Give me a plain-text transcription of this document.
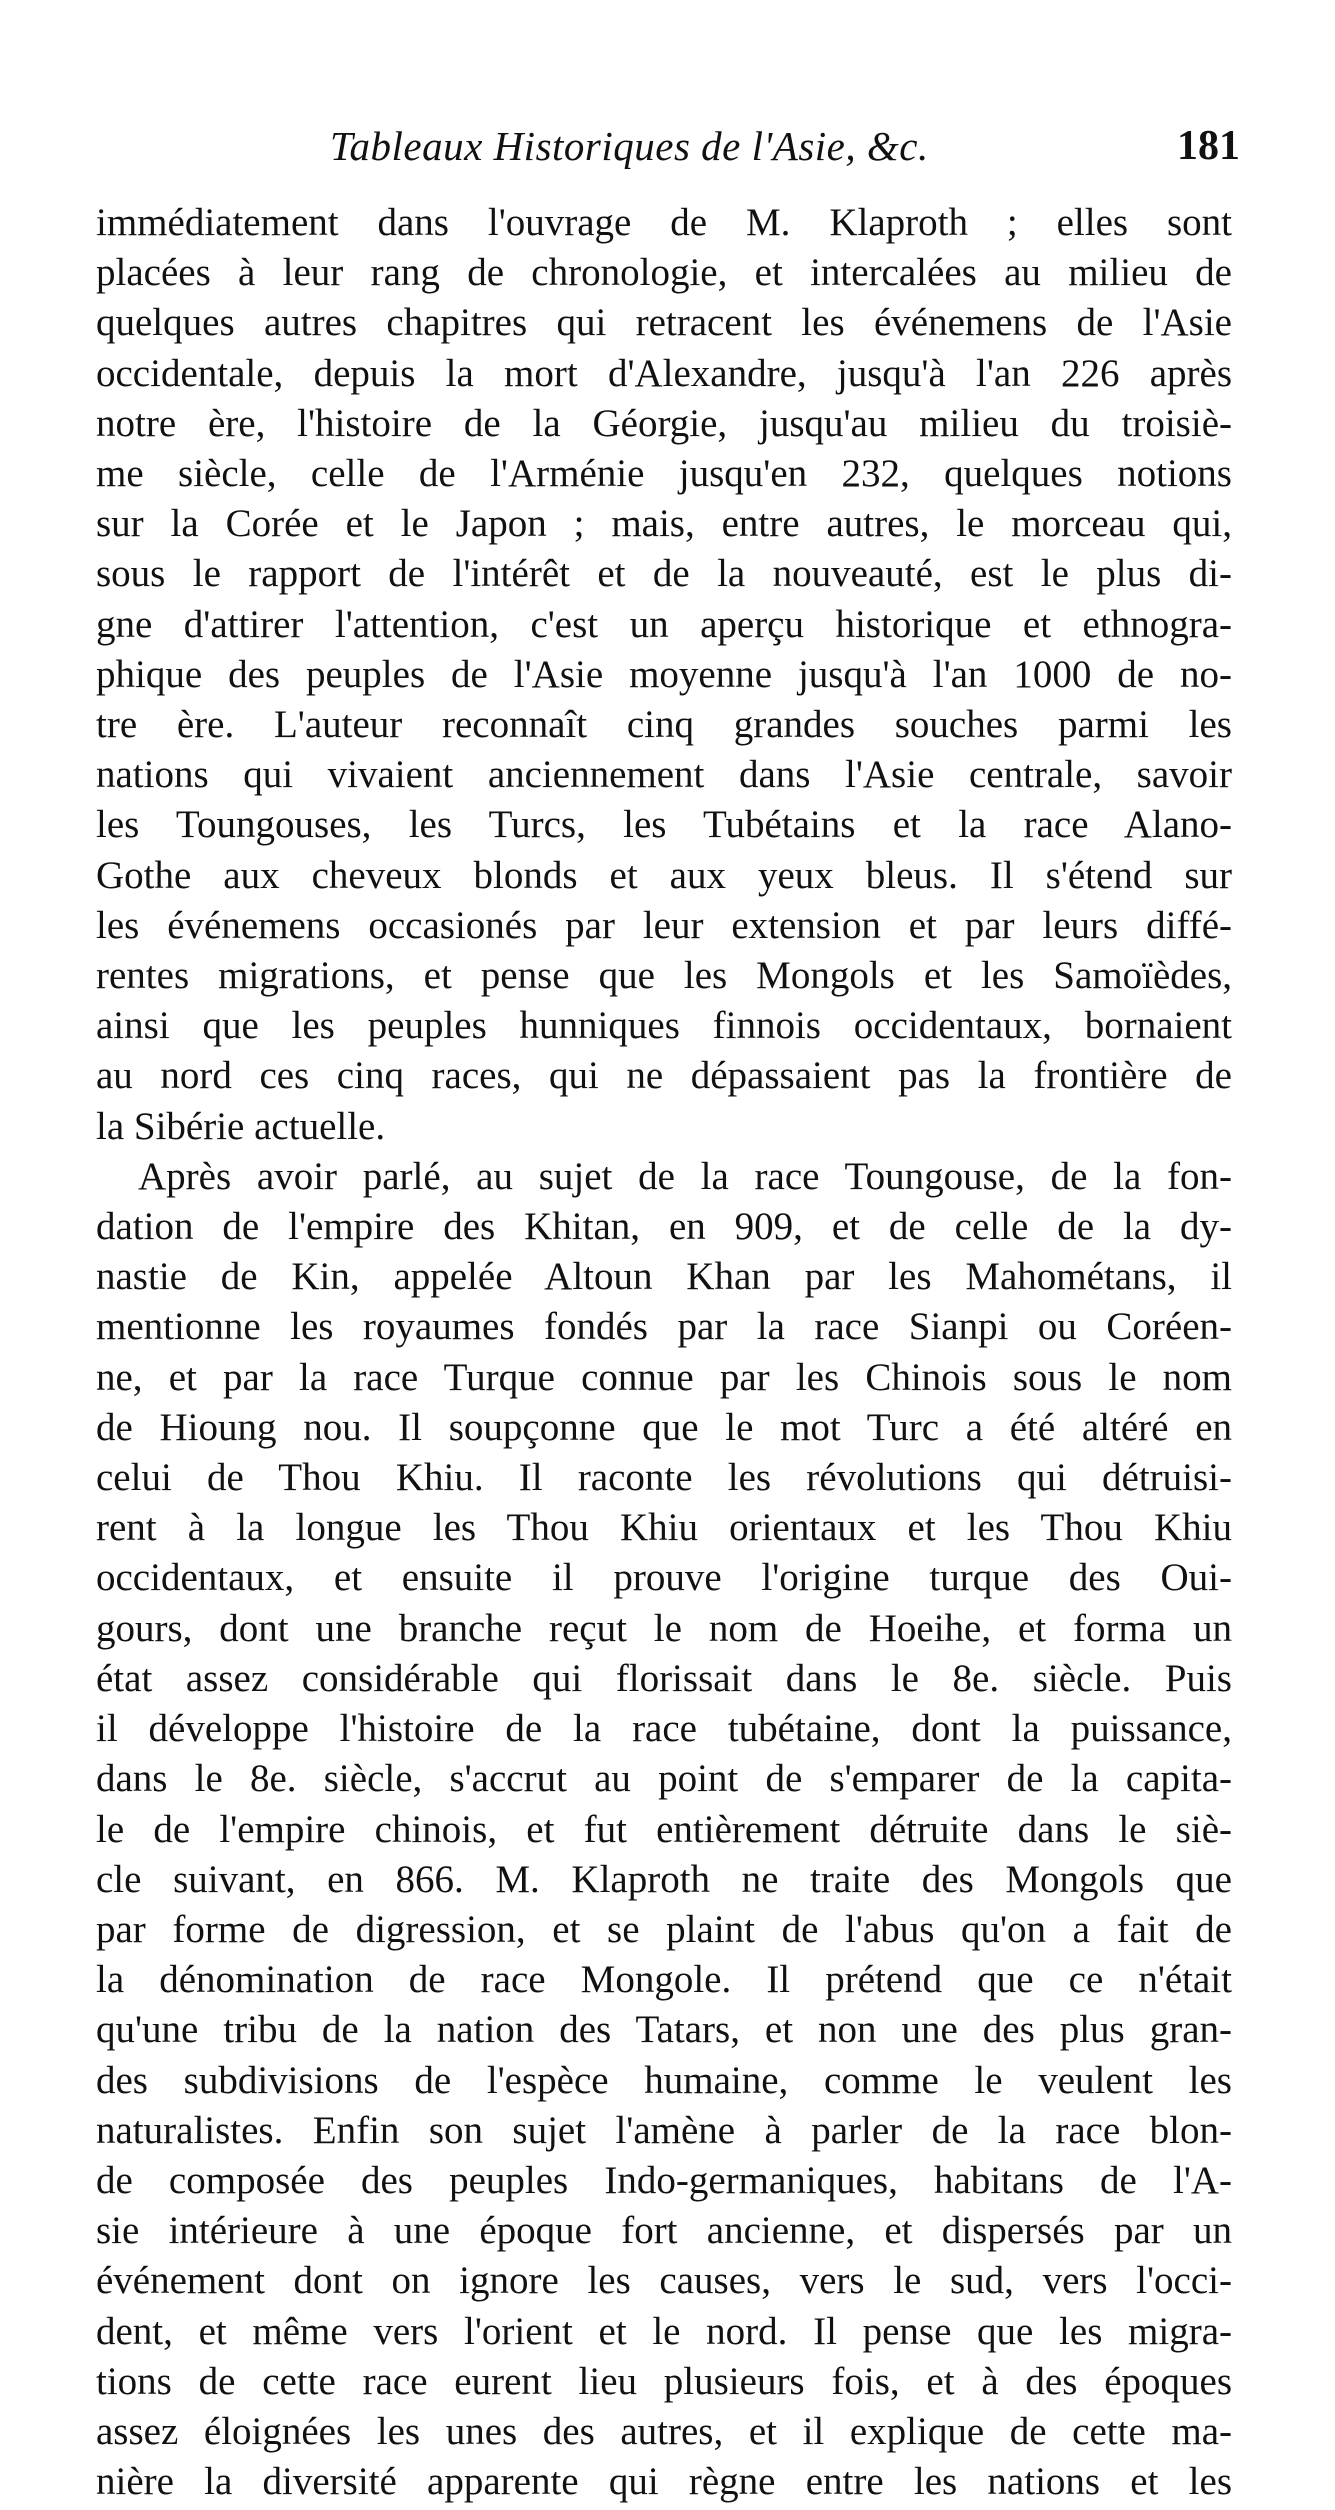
Tableaux Historiques de l'Asie, &c.	181
immédiatement dans l'ouvrage de M. Klaproth ; elles sont
placées à leur rang de chronologie, et intercalées au milieu de
quelques autres chapitres qui retracent les événemens de l'Asie
occidentale, depuis la mort d'Alexandre, jusqu'à l'an 226 après
notre ère, l'histoire de la Géorgie, jusqu'au milieu du troisiè-
me siècle, celle de l'Arménie jusqu'en 232, quelques notions
sur la Corée et le Japon ; mais, entre autres, le morceau qui,
sous le rapport de l'intérêt et de la nouveauté, est le plus di-
gne d'attirer l'attention, c'est un aperçu historique et ethnogra-
phique des peuples de l'Asie moyenne jusqu'à l'an 1000 de no-
tre ère. L'auteur reconnaît cinq grandes souches parmi les
nations qui vivaient anciennement dans l'Asie centrale, savoir
les Toungouses, les Turcs, les Tubétains et la race Alano-
Gothe aux cheveux blonds et aux yeux bleus. Il s'étend sur
les événemens occasionés par leur extension et par leurs diffé-
rentes migrations, et pense que les Mongols et les Samoïèdes,
ainsi que les peuples hunniques finnois occidentaux, bornaient
au nord ces cinq races, qui ne dépassaient pas la frontière de
la Sibérie actuelle.
Après avoir parlé, au sujet de la race Toungouse, de la fon-
dation de l'empire des Khitan, en 909, et de celle de la dy-
nastie de Kin, appelée Altoun Khan par les Mahométans, il
mentionne les royaumes fondés par la race Sianpi ou Coréen-
ne, et par la race Turque connue par les Chinois sous le nom
de Hioung nou. Il soupçonne que le mot Turc a été altéré en
celui de Thou Khiu. Il raconte les révolutions qui détruisi-
rent à la longue les Thou Khiu orientaux et les Thou Khiu
occidentaux, et ensuite il prouve l'origine turque des Oui-
gours, dont une branche reçut le nom de Hoeihe, et forma un
état assez considérable qui florissait dans le 8e. siècle. Puis
il développe l'histoire de la race tubétaine, dont la puissance,
dans le 8e. siècle, s'accrut au point de s'emparer de la capita-
le de l'empire chinois, et fut entièrement détruite dans le siè-
cle suivant, en 866. M. Klaproth ne traite des Mongols que
par forme de digression, et se plaint de l'abus qu'on a fait de
la dénomination de race Mongole. Il prétend que ce n'était
qu'une tribu de la nation des Tatars, et non une des plus gran-
des subdivisions de l'espèce humaine, comme le veulent les
naturalistes. Enfin son sujet l'amène à parler de la race blon-
de composée des peuples Indo-germaniques, habitans de l'A-
sie intérieure à une époque fort ancienne, et dispersés par un
événement dont on ignore les causes, vers le sud, vers l'occi-
dent, et même vers l'orient et le nord. Il pense que les migra-
tions de cette race eurent lieu plusieurs fois, et à des époques
assez éloignées les unes des autres, et il explique de cette ma-
nière la diversité apparente qui règne entre les nations et les
